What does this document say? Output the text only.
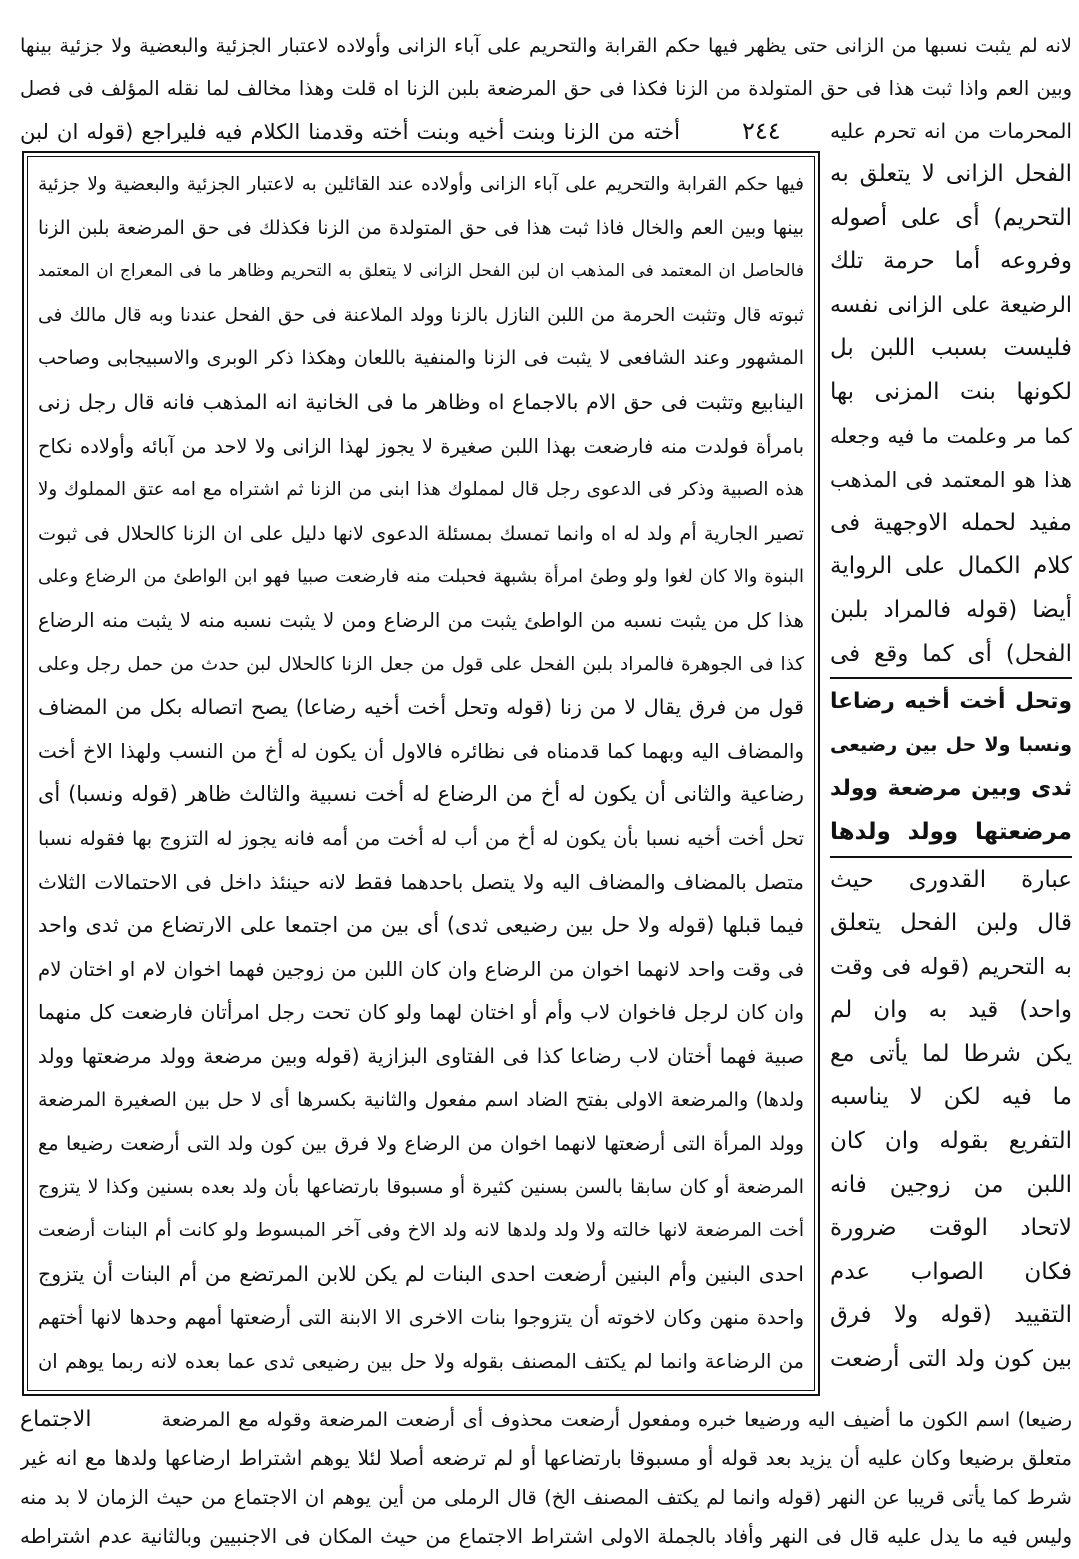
لانه لم يثبت نسبها من الزانى حتى يظهر فيها حكم القرابة والتحريم على آباء الزانى وأولاده لاعتبار الجزئية والبعضية ولا جزئية بينها
وبين العم واذا ثبت هذا فى حق المتولدة من الزنا فكذا فى حق المرضعة بلبن الزنا اه قلت وهذا مخالف لما نقله المؤلف فى فصل
المحرمات من انه تحرم عليه
٢٤٤
أخته من الزنا وبنت أخيه وبنت أخته وقدمنا الكلام فيه فليراجع (قوله ان لبن
فيها حكم القرابة والتحريم على آباء الزانى وأولاده عند القائلين به لاعتبار الجزئية والبعضية ولا جزئية
بينها وبين العم والخال فاذا ثبت هذا فى حق المتولدة من الزنا فكذلك فى حق المرضعة بلبن الزنا
فالحاصل ان المعتمد فى المذهب ان لبن الفحل الزانى لا يتعلق به التحريم وظاهر ما فى المعراج ان المعتمد
ثبوته قال وتثبت الحرمة من اللبن النازل بالزنا وولد الملاعنة فى حق الفحل عندنا وبه قال مالك فى
المشهور وعند الشافعى لا يثبت فى الزنا والمنفية باللعان وهكذا ذكر الوبرى والاسبيجابى وصاحب
الينابيع وتثبت فى حق الام بالاجماع اه وظاهر ما فى الخانية انه المذهب فانه قال رجل زنى
بامرأة فولدت منه فارضعت بهذا اللبن صغيرة لا يجوز لهذا الزانى ولا لاحد من آبائه وأولاده نكاح
هذه الصبية وذكر فى الدعوى رجل قال لمملوك هذا ابنى من الزنا ثم اشتراه مع امه عتق المملوك ولا
تصير الجارية أم ولد له اه وانما تمسك بمسئلة الدعوى لانها دليل على ان الزنا كالحلال فى ثبوت
البنوة والا كان لغوا ولو وطئ امرأة بشبهة فحبلت منه فارضعت صبيا فهو ابن الواطئ من الرضاع وعلى
هذا كل من يثبت نسبه من الواطئ يثبت من الرضاع ومن لا يثبت نسبه منه لا يثبت منه الرضاع
كذا فى الجوهرة فالمراد بلبن الفحل على قول من جعل الزنا كالحلال لبن حدث من حمل رجل وعلى
قول من فرق يقال لا من زنا (قوله وتحل أخت أخيه رضاعا) يصح اتصاله بكل من المضاف
والمضاف اليه وبهما كما قدمناه فى نظائره فالاول أن يكون له أخ من النسب ولهذا الاخ أخت
رضاعية والثانى أن يكون له أخ من الرضاع له أخت نسبية والثالث ظاهر (قوله ونسبا) أى
تحل أخت أخيه نسبا بأن يكون له أخ من أب له أخت من أمه فانه يجوز له التزوج بها فقوله نسبا
متصل بالمضاف والمضاف اليه ولا يتصل باحدهما فقط لانه حينئذ داخل فى الاحتمالات الثلاث
فيما قبلها (قوله ولا حل بين رضيعى ثدى) أى بين من اجتمعا على الارتضاع من ثدى واحد
فى وقت واحد لانهما اخوان من الرضاع وان كان اللبن من زوجين فهما اخوان لام او اختان لام
وان كان لرجل فاخوان لاب وأم أو اختان لهما ولو كان تحت رجل امرأتان فارضعت كل منهما
صبية فهما أختان لاب رضاعا كذا فى الفتاوى البزازية (قوله وبين مرضعة وولد مرضعتها وولد
ولدها) والمرضعة الاولى بفتح الضاد اسم مفعول والثانية بكسرها أى لا حل بين الصغيرة المرضعة
وولد المرأة التى أرضعتها لانهما اخوان من الرضاع ولا فرق بين كون ولد التى أرضعت رضيعا مع
المرضعة أو كان سابقا بالسن بسنين كثيرة أو مسبوقا بارتضاعها بأن ولد بعده بسنين وكذا لا يتزوج
أخت المرضعة لانها خالته ولا ولد ولدها لانه ولد الاخ وفى آخر المبسوط ولو كانت أم البنات أرضعت
احدى البنين وأم البنين أرضعت احدى البنات لم يكن للابن المرتضع من أم البنات أن يتزوج
واحدة منهن وكان لاخوته أن يتزوجوا بنات الاخرى الا الابنة التى أرضعتها أمهم وحدها لانها أختهم
من الرضاعة وانما لم يكتف المصنف بقوله ولا حل بين رضيعى ثدى عما بعده لانه ربما يوهم ان
الفحل الزانى لا يتعلق به
التحريم) أى على أصوله
وفروعه أما حرمة تلك
الرضيعة على الزانى نفسه
فليست بسبب اللبن بل
لكونها بنت المزنى بها
كما مر وعلمت ما فيه وجعله
هذا هو المعتمد فى المذهب
مفيد لحمله الاوجهية فى
كلام الكمال على الرواية
أيضا (قوله فالمراد بلبن
الفحل) أى كما وقع فى
وتحل أخت أخيه رضاعا
ونسبا ولا حل بين رضيعى
ثدى وبين مرضعة وولد
مرضعتها وولد ولدها
عبارة القدورى حيث
قال ولبن الفحل يتعلق
به التحريم (قوله فى وقت
واحد) قيد به وان لم
يكن شرطا لما يأتى مع
ما فيه لكن لا يناسبه
التفريع بقوله وان كان
اللبن من زوجين فانه
لاتحاد الوقت ضرورة
فكان الصواب عدم
التقييد (قوله ولا فرق
بين كون ولد التى أرضعت
رضيعا) اسم الكون ما أضيف اليه ورضيعا خبره ومفعول أرضعت محذوف أى أرضعت المرضعة وقوله مع المرضعة
الاجتماع
متعلق برضيعا وكان عليه أن يزيد بعد قوله أو مسبوقا بارتضاعها أو لم ترضعه أصلا لئلا يوهم اشتراط ارضاعها ولدها مع انه غير
شرط كما يأتى قريبا عن النهر (قوله وانما لم يكتف المصنف الخ) قال الرملى من أين يوهم ان الاجتماع من حيث الزمان لا بد منه
وليس فيه ما يدل عليه قال فى النهر وأفاد بالجملة الاولى اشتراط الاجتماع من حيث المكان فى الاجنبيين وبالثانية عدم اشتراطه
